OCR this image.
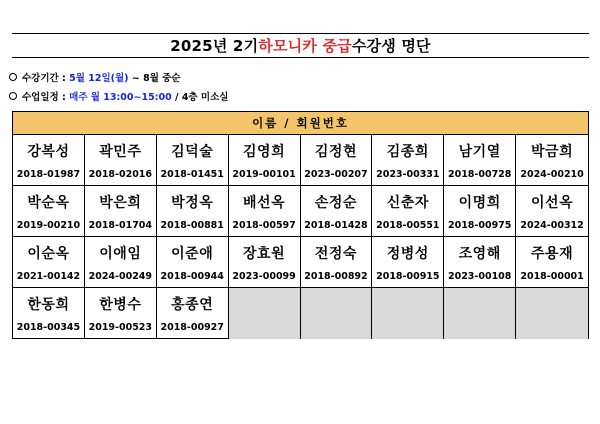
2025년 2기 하모니카 중급 수강생 명단
수강기간 :
5월 12일(월)
~ 8월 중순
수업일정 :
매주 월 13:00~15:00
/ 4층 미소실
이름 / 회원번호
강복성
2018-01987
곽민주
2018-02016
김덕술
2018-01451
김영희
2019-00101
김정현
2023-00207
김종희
2023-00331
남기열
2018-00728
박금희
2024-00210
박순옥
2019-00210
박은희
2018-01704
박정옥
2018-00881
배선옥
2018-00597
손정순
2018-01428
신춘자
2018-00551
이명희
2018-00975
이선옥
2024-00312
이순옥
2021-00142
이애임
2024-00249
이준애
2018-00944
장효원
2023-00099
전정숙
2018-00892
정병성
2018-00915
조영해
2023-00108
주용재
2018-00001
한동희
2018-00345
한병수
2019-00523
홍종연
2018-00927
